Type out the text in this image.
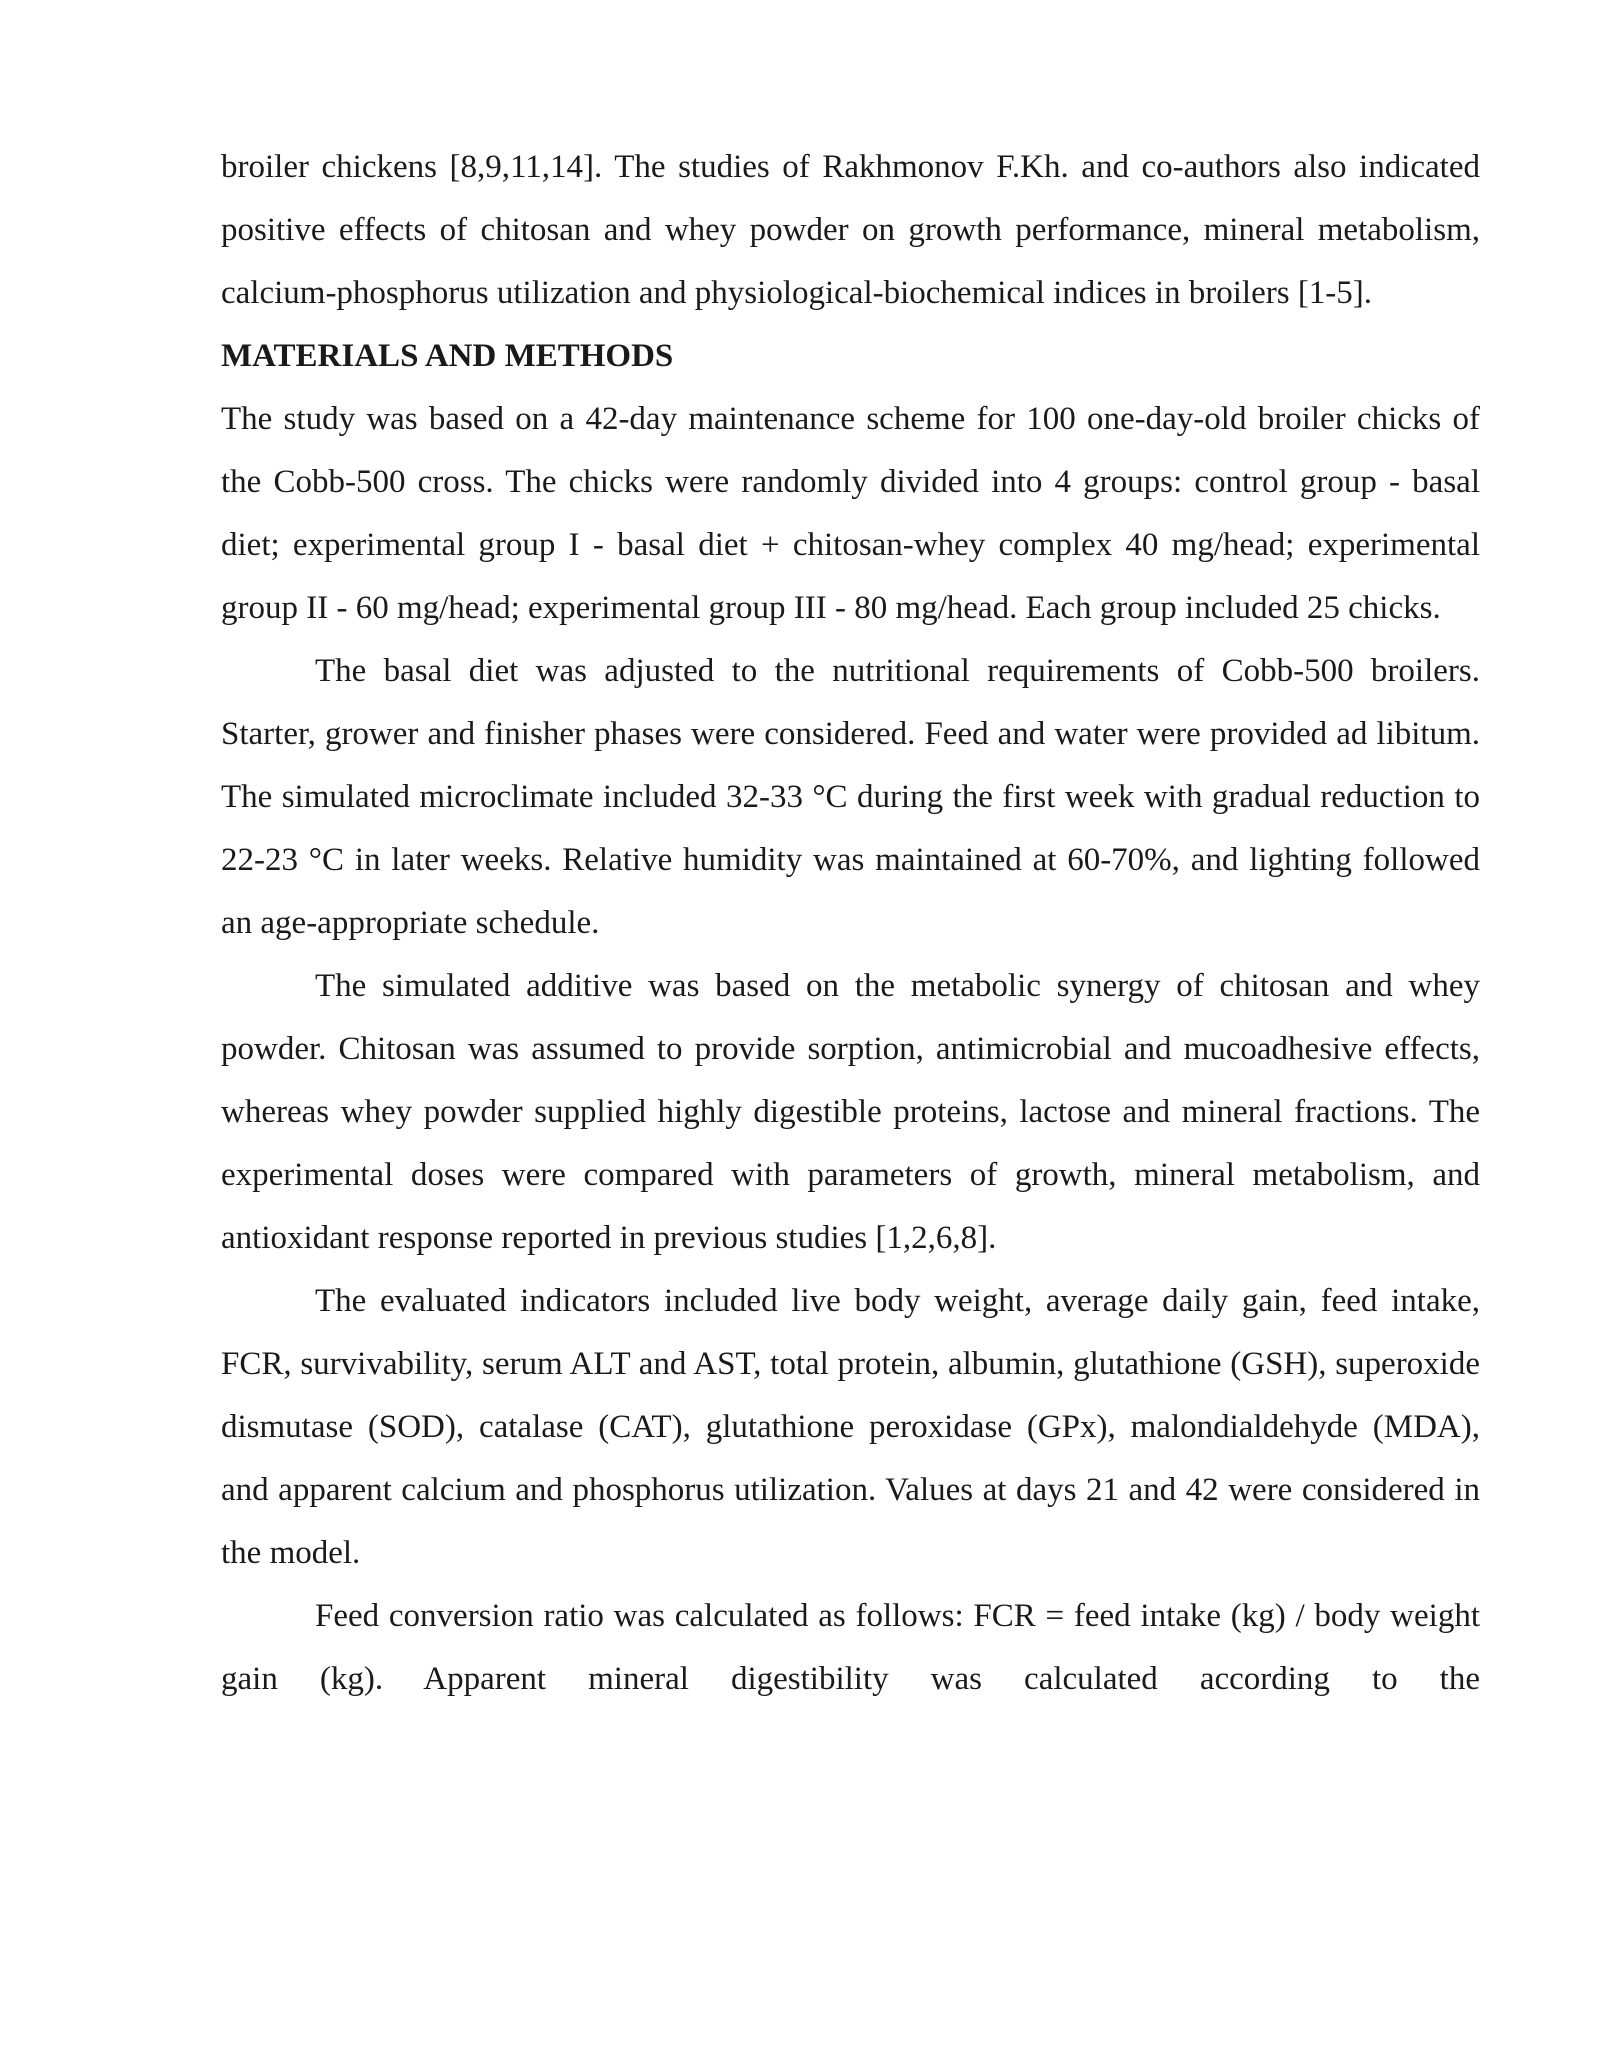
broiler chickens [8,9,11,14]. The studies of Rakhmonov F.Kh. and co-authors also indicated positive effects of chitosan and whey powder on growth performance, mineral metabolism, calcium-phosphorus utilization and physiological-biochemical indices in broilers [1-5].

MATERIALS AND METHODS

The study was based on a 42-day maintenance scheme for 100 one-day-old broiler chicks of the Cobb-500 cross. The chicks were randomly divided into 4 groups: control group - basal diet; experimental group I - basal diet + chitosan-whey complex 40 mg/head; experimental group II - 60 mg/head; experimental group III - 80 mg/head. Each group included 25 chicks.

The basal diet was adjusted to the nutritional requirements of Cobb-500 broilers. Starter, grower and finisher phases were considered. Feed and water were provided ad libitum. The simulated microclimate included 32-33 °C during the first week with gradual reduction to 22-23 °C in later weeks. Relative humidity was maintained at 60-70%, and lighting followed an age-appropriate schedule.

The simulated additive was based on the metabolic synergy of chitosan and whey powder. Chitosan was assumed to provide sorption, antimicrobial and mucoadhesive effects, whereas whey powder supplied highly digestible proteins, lactose and mineral fractions. The experimental doses were compared with parameters of growth, mineral metabolism, and antioxidant response reported in previous studies [1,2,6,8].

The evaluated indicators included live body weight, average daily gain, feed intake, FCR, survivability, serum ALT and AST, total protein, albumin, glutathione (GSH), superoxide dismutase (SOD), catalase (CAT), glutathione peroxidase (GPx), malondialdehyde (MDA), and apparent calcium and phosphorus utilization. Values at days 21 and 42 were considered in the model.

Feed conversion ratio was calculated as follows: FCR = feed intake (kg) / body weight gain (kg). Apparent mineral digestibility was calculated according to the
